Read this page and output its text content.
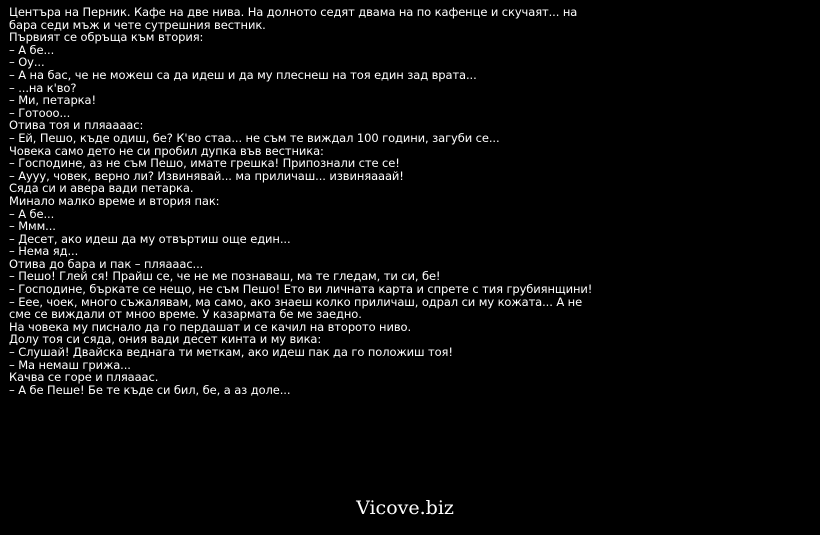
Центъра на Перник. Кафе на две нива. На долното седят двама на по кафенце и скучаят... на бара седи мъж и чете сутрешния вестник.
Първият се обръща към втория:
– А бе...
– Оу...
– А на бас, че не можеш са да идеш и да му плеснеш на тоя един зад врата...
– ...на к'во?
– Ми, петарка!
– Готооо...
Отива тоя и пляаааас:
– Ей, Пешо, къде одиш, бе? К'во стаа... не съм те виждал 100 години, загуби се...
Човека само дето не си пробил дупка във вестника:
– Господине, аз не съм Пешо, имате грешка! Припознали сте се!
– Аууу, човек, верно ли? Извинявай... ма приличаш... извиняааай!
Сяда си и авера вади петарка.
Минало малко време и втория пак:
– А бе...
– Ммм...
– Десет, ако идеш да му отвъртиш още един...
– Нема яд...
Отива до бара и пак – пляааас...
– Пешо! Глей ся! Прайш се, че не ме познаваш, ма те гледам, ти си, бе!
– Господине, бъркате се нещо, не съм Пешо! Ето ви личната карта и спрете с тия грубиянщини!
– Еее, чоек, много съжалявам, ма само, ако знаеш колко приличаш, одрал си му кожата... А не сме се виждали от мноо време. У казармата бе ме заедно.
На човека му писнало да го пердашат и се качил на второто ниво.
Долу тоя си сяда, ония вади десет кинта и му вика:
– Слушай! Двайска веднага ти меткам, ако идеш пак да го положиш тоя!
– Ма немаш грижа...
Качва се горе и пляааас.
– А бе Пеше! Бе те къде си бил, бе, а аз доле...
Vicove.biz
